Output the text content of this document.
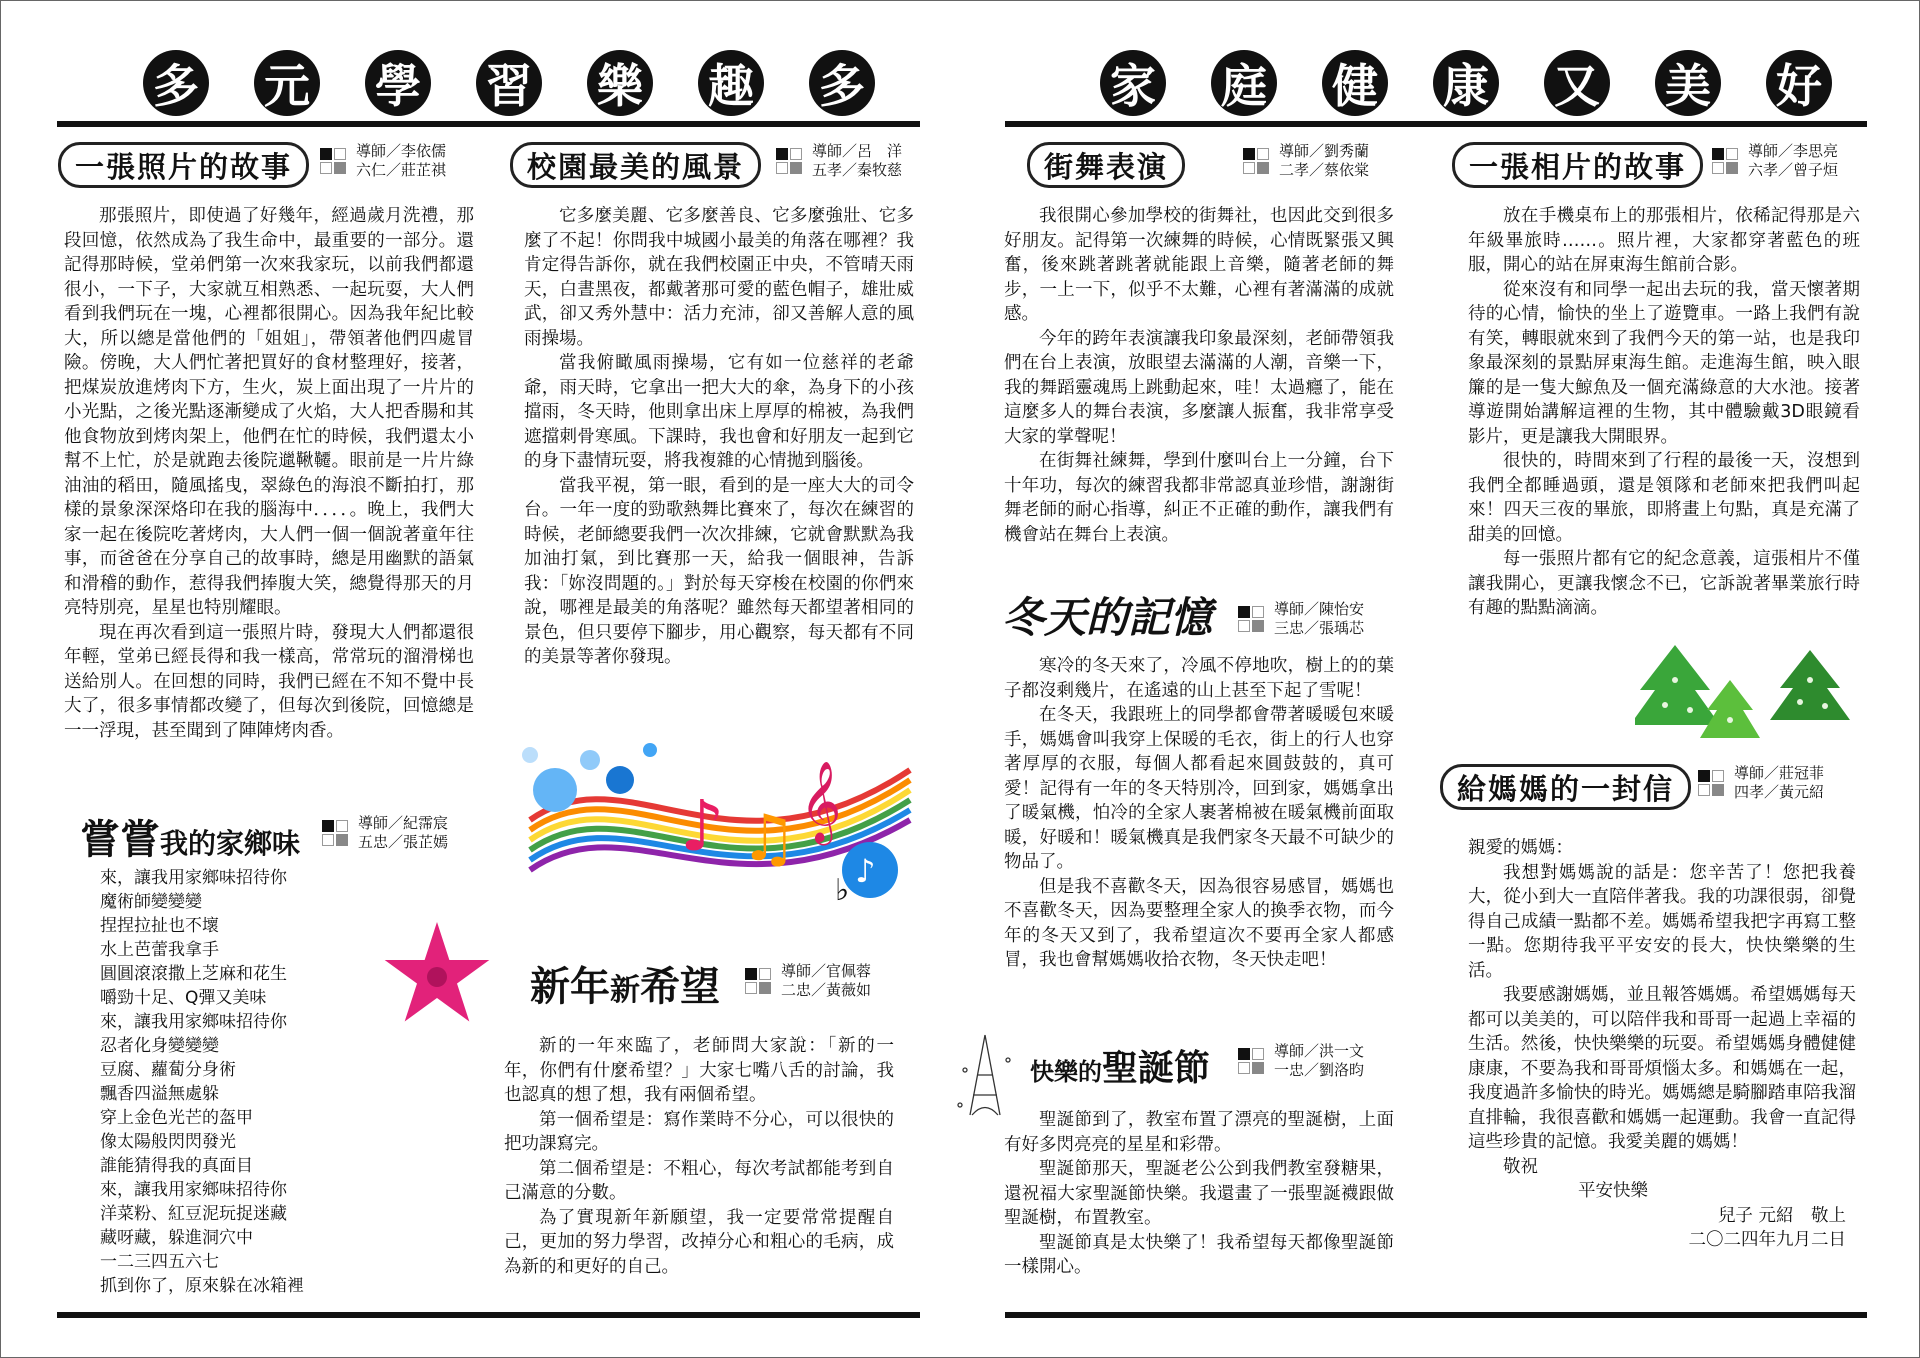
多 元 學 習 樂 趣 多	家 庭 健 康 又 美 好
一張照片的故事	導師／李依儒
六仁／莊芷祺

那張照片，即使過了好幾年，經過歲月洗禮，那段回憶，依然成為了我生命中，最重要的一部分。還記得那時候，堂弟們第一次來我家玩，以前我們都還很小，一下子，大家就互相熟悉、一起玩耍，大人們看到我們玩在一塊，心裡都很開心。因為我年紀比較大，所以總是當他們的「姐姐」，帶領著他們四處冒險。傍晚，大人們忙著把買好的食材整理好，接著，把煤炭放進烤肉下方，生火，炭上面出現了一片片的小光點，之後光點逐漸變成了火焰，大人把香腸和其他食物放到烤肉架上，他們在忙的時候，我們還太小幫不上忙，於是就跑去後院邋鞦韆。眼前是一片片綠油油的稻田，隨風搖曳，翠綠色的海浪不斷拍打，那樣的景象深深烙印在我的腦海中．．．．。晚上，我們大家一起在後院吃著烤肉，大人們一個一個說著童年往事，而爸爸在分享自己的故事時，總是用幽默的語氣和滑稽的動作，惹得我們捧腹大笑，總覺得那天的月亮特別亮，星星也特別耀眼。

現在再次看到這一張照片時，發現大人們都還很年輕，堂弟已經長得和我一樣高，常常玩的溜滑梯也送給別人。在回想的同時，我們已經在不知不覺中長大了，很多事情都改變了，但每次到後院，回憶總是一一浮現，甚至聞到了陣陣烤肉香。

校園最美的風景	導師／呂　洋
五孝／秦牧慈

它多麼美麗、它多麼善良、它多麼強壯、它多麼了不起！你問我中城國小最美的角落在哪裡？我肯定得告訴你，就在我們校園正中央，不管晴天雨天，白晝黑夜，都戴著那可愛的藍色帽子，雄壯威武，卻又秀外慧中：活力充沛，卻又善解人意的風雨操場。

當我俯瞰風雨操場，它有如一位慈祥的老爺爺，雨天時，它拿出一把大大的傘，為身下的小孩擋雨，冬天時，他則拿出床上厚厚的棉被，為我們遮擋刺骨寒風。下課時，我也會和好朋友一起到它的身下盡情玩耍，將我複雜的心情拋到腦後。

當我平視，第一眼，看到的是一座大大的司令台。一年一度的勁歌熱舞比賽來了，每次在練習的時候，老師總要我們一次次排練，它就會默默為我加油打氣，到比賽那一天，給我一個眼神，告訴我：「妳沒問題的。」對於每天穿梭在校園的你們來說，哪裡是最美的角落呢？雖然每天都望著相同的景色，但只要停下腳步，用心觀察，每天都有不同的美景等著你發現。

♪
♪ ♫ 𝄞
♭
嘗嘗 我的家鄉味
導師／紀霈宸
五忠／張芷嫣
來，讓我用家鄉味招待你
魔術師變變變
捏捏拉扯也不壞
水上芭蕾我拿手
圓圓滾滾撒上芝麻和花生
嚼勁十足、Q彈又美味
來，讓我用家鄉味招待你
忍者化身變變變
豆腐、蘿蔔分身術
飄香四溢無處躲
穿上金色光芒的盔甲
像太陽般閃閃發光
誰能猜得我的真面目
來，讓我用家鄉味招待你
洋菜粉、紅豆泥玩捉迷藏
藏呀藏，躲進洞穴中
一二三四五六七
抓到你了，原來躲在冰箱裡
新年 新 希望	導師／官佩蓉
二忠／黃薇如

新的一年來臨了，老師問大家說：「新的一年，你們有什麼希望？」大家七嘴八舌的討論，我也認真的想了想，我有兩個希望。

第一個希望是：寫作業時不分心，可以很快的把功課寫完。

第二個希望是：不粗心，每次考試都能考到自己滿意的分數。

為了實現新年新願望，我一定要常常提醒自己，更加的努力學習，改掉分心和粗心的毛病，成為新的和更好的自己。

街舞表演	導師／劉秀蘭
二孝／蔡依棠

我很開心參加學校的街舞社，也因此交到很多好朋友。記得第一次練舞的時候，心情既緊張又興奮，後來跳著跳著就能跟上音樂，隨著老師的舞步，一上一下，似乎不太難，心裡有著滿滿的成就感。

今年的跨年表演讓我印象最深刻，老師帶領我們在台上表演，放眼望去滿滿的人潮，音樂一下，我的舞蹈靈魂馬上跳動起來，哇！太過癮了，能在這麼多人的舞台表演，多麼讓人振奮，我非常享受大家的掌聲呢！

在街舞社練舞，學到什麼叫台上一分鐘，台下十年功，每次的練習我都非常認真並珍惜，謝謝街舞老師的耐心指導，糾正不正確的動作，讓我們有機會站在舞台上表演。

冬天的記憶	導師／陳怡安
三忠／張瑀芯

寒冷的冬天來了，冷風不停地吹，樹上的的葉子都沒剩幾片，在遙遠的山上甚至下起了雪呢！

在冬天，我跟班上的同學都會帶著暖暖包來暖手，媽媽會叫我穿上保暖的毛衣，街上的行人也穿著厚厚的衣服，每個人都看起來圓鼓鼓的，真可愛！記得有一年的冬天特別冷，回到家，媽媽拿出了暖氣機，怕冷的全家人裹著棉被在暖氣機前面取暖，好暖和！暖氣機真是我們家冬天最不可缺少的物品了。

但是我不喜歡冬天，因為很容易感冒，媽媽也不喜歡冬天，因為要整理全家人的換季衣物，而今年的冬天又到了，我希望這次不要再全家人都感冒，我也會幫媽媽收拾衣物，冬天快走吧！

快樂的 聖誕節	導師／洪一文
一忠／劉洛昀

聖誕節到了，教室布置了漂亮的聖誕樹，上面有好多閃亮亮的星星和彩帶。

聖誕節那天，聖誕老公公到我們教室發糖果，還祝福大家聖誕節快樂。我還畫了一張聖誕襪跟做聖誕樹，布置教室。

聖誕節真是太快樂了！我希望每天都像聖誕節一樣開心。

一張相片的故事	導師／李思亮
六孝／曾子烜

放在手機桌布上的那張相片，依稀記得那是六年級畢旅時……。照片裡，大家都穿著藍色的班服，開心的站在屏東海生館前合影。

從來沒有和同學一起出去玩的我，當天懷著期待的心情，愉快的坐上了遊覽車。一路上我們有說有笑，轉眼就來到了我們今天的第一站，也是我印象最深刻的景點屏東海生館。走進海生館，映入眼簾的是一隻大鯨魚及一個充滿綠意的大水池。接著導遊開始講解這裡的生物，其中體驗戴3D眼鏡看影片，更是讓我大開眼界。

很快的，時間來到了行程的最後一天，沒想到我們全都睡過頭，還是領隊和老師來把我們叫起來！四天三夜的畢旅，即將畫上句點，真是充滿了甜美的回憶。

每一張照片都有它的紀念意義，這張相片不僅讓我開心，更讓我懷念不已，它訴說著畢業旅行時有趣的點點滴滴。

給媽媽的一封信	導師／莊冠菲
四孝／黃元紹

親愛的媽媽：

我想對媽媽說的話是：您辛苦了！您把我養大，從小到大一直陪伴著我。我的功課很弱，卻覺得自己成績一點都不差。媽媽希望我把字再寫工整一點。您期待我平平安安的長大，快快樂樂的生活。

我要感謝媽媽，並且報答媽媽。希望媽媽每天都可以美美的，可以陪伴我和哥哥一起過上幸福的生活。然後，快快樂樂的玩耍。希望媽媽身體健健康康，不要為我和哥哥煩惱太多。和媽媽在一起，我度過許多愉快的時光。媽媽總是騎腳踏車陪我溜直排輪，我很喜歡和媽媽一起運動。我會一直記得這些珍貴的記憶。我愛美麗的媽媽！

敬祝

平安快樂

兒子 元紹　敬上

二〇二四年九月二日
